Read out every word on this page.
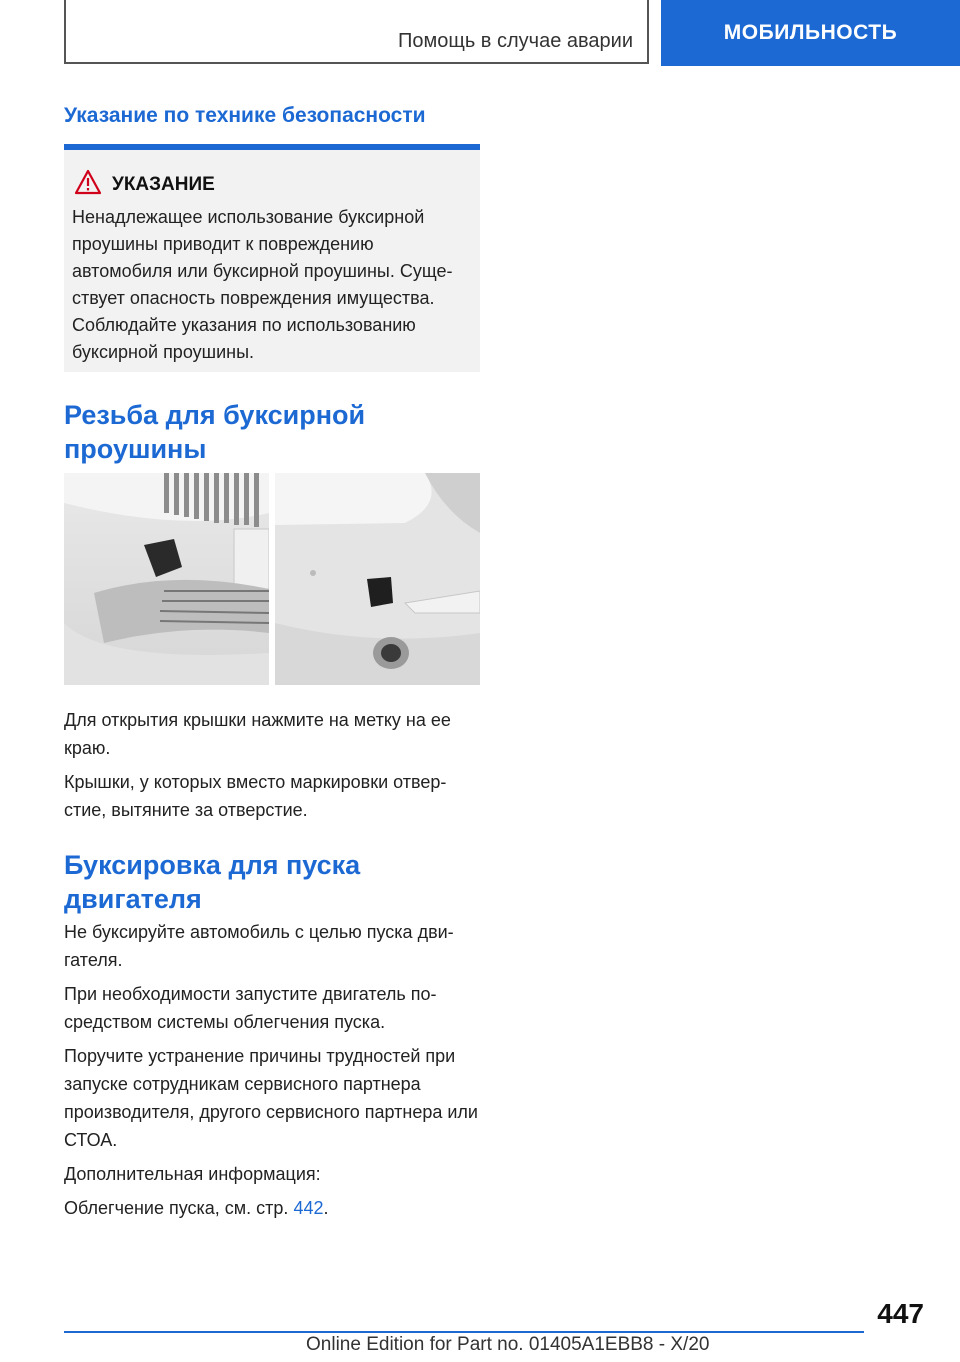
Помощь в случае аварии	МОБИЛЬНОСТЬ
Указание по технике безопасности
УКАЗАНИЕ

Ненадлежащее использование буксирной проушины приводит к повреждению автомобиля или буксирной проушины. Суще-ствует опасность повреждения имущества. Соблюдайте указания по использованию буксирной проушины.

Резьба для буксирной
проушины

Для открытия крышки нажмите на метку на ее краю.

Крышки, у которых вместо маркировки отвер-стие, вытяните за отверстие.

Буксировка для пуска
двигателя

Не буксируйте автомобиль с целью пуска дви-гателя.

При необходимости запустите двигатель по-средством системы облегчения пуска.

Поручите устранение причины трудностей при запуске сотрудникам сервисного партнера производителя, другого сервисного партнера или СТОА.

Дополнительная информация:

Облегчение пуска, см. стр. 442.

447
Online Edition for Part no. 01405A1EBB8 - X/20
